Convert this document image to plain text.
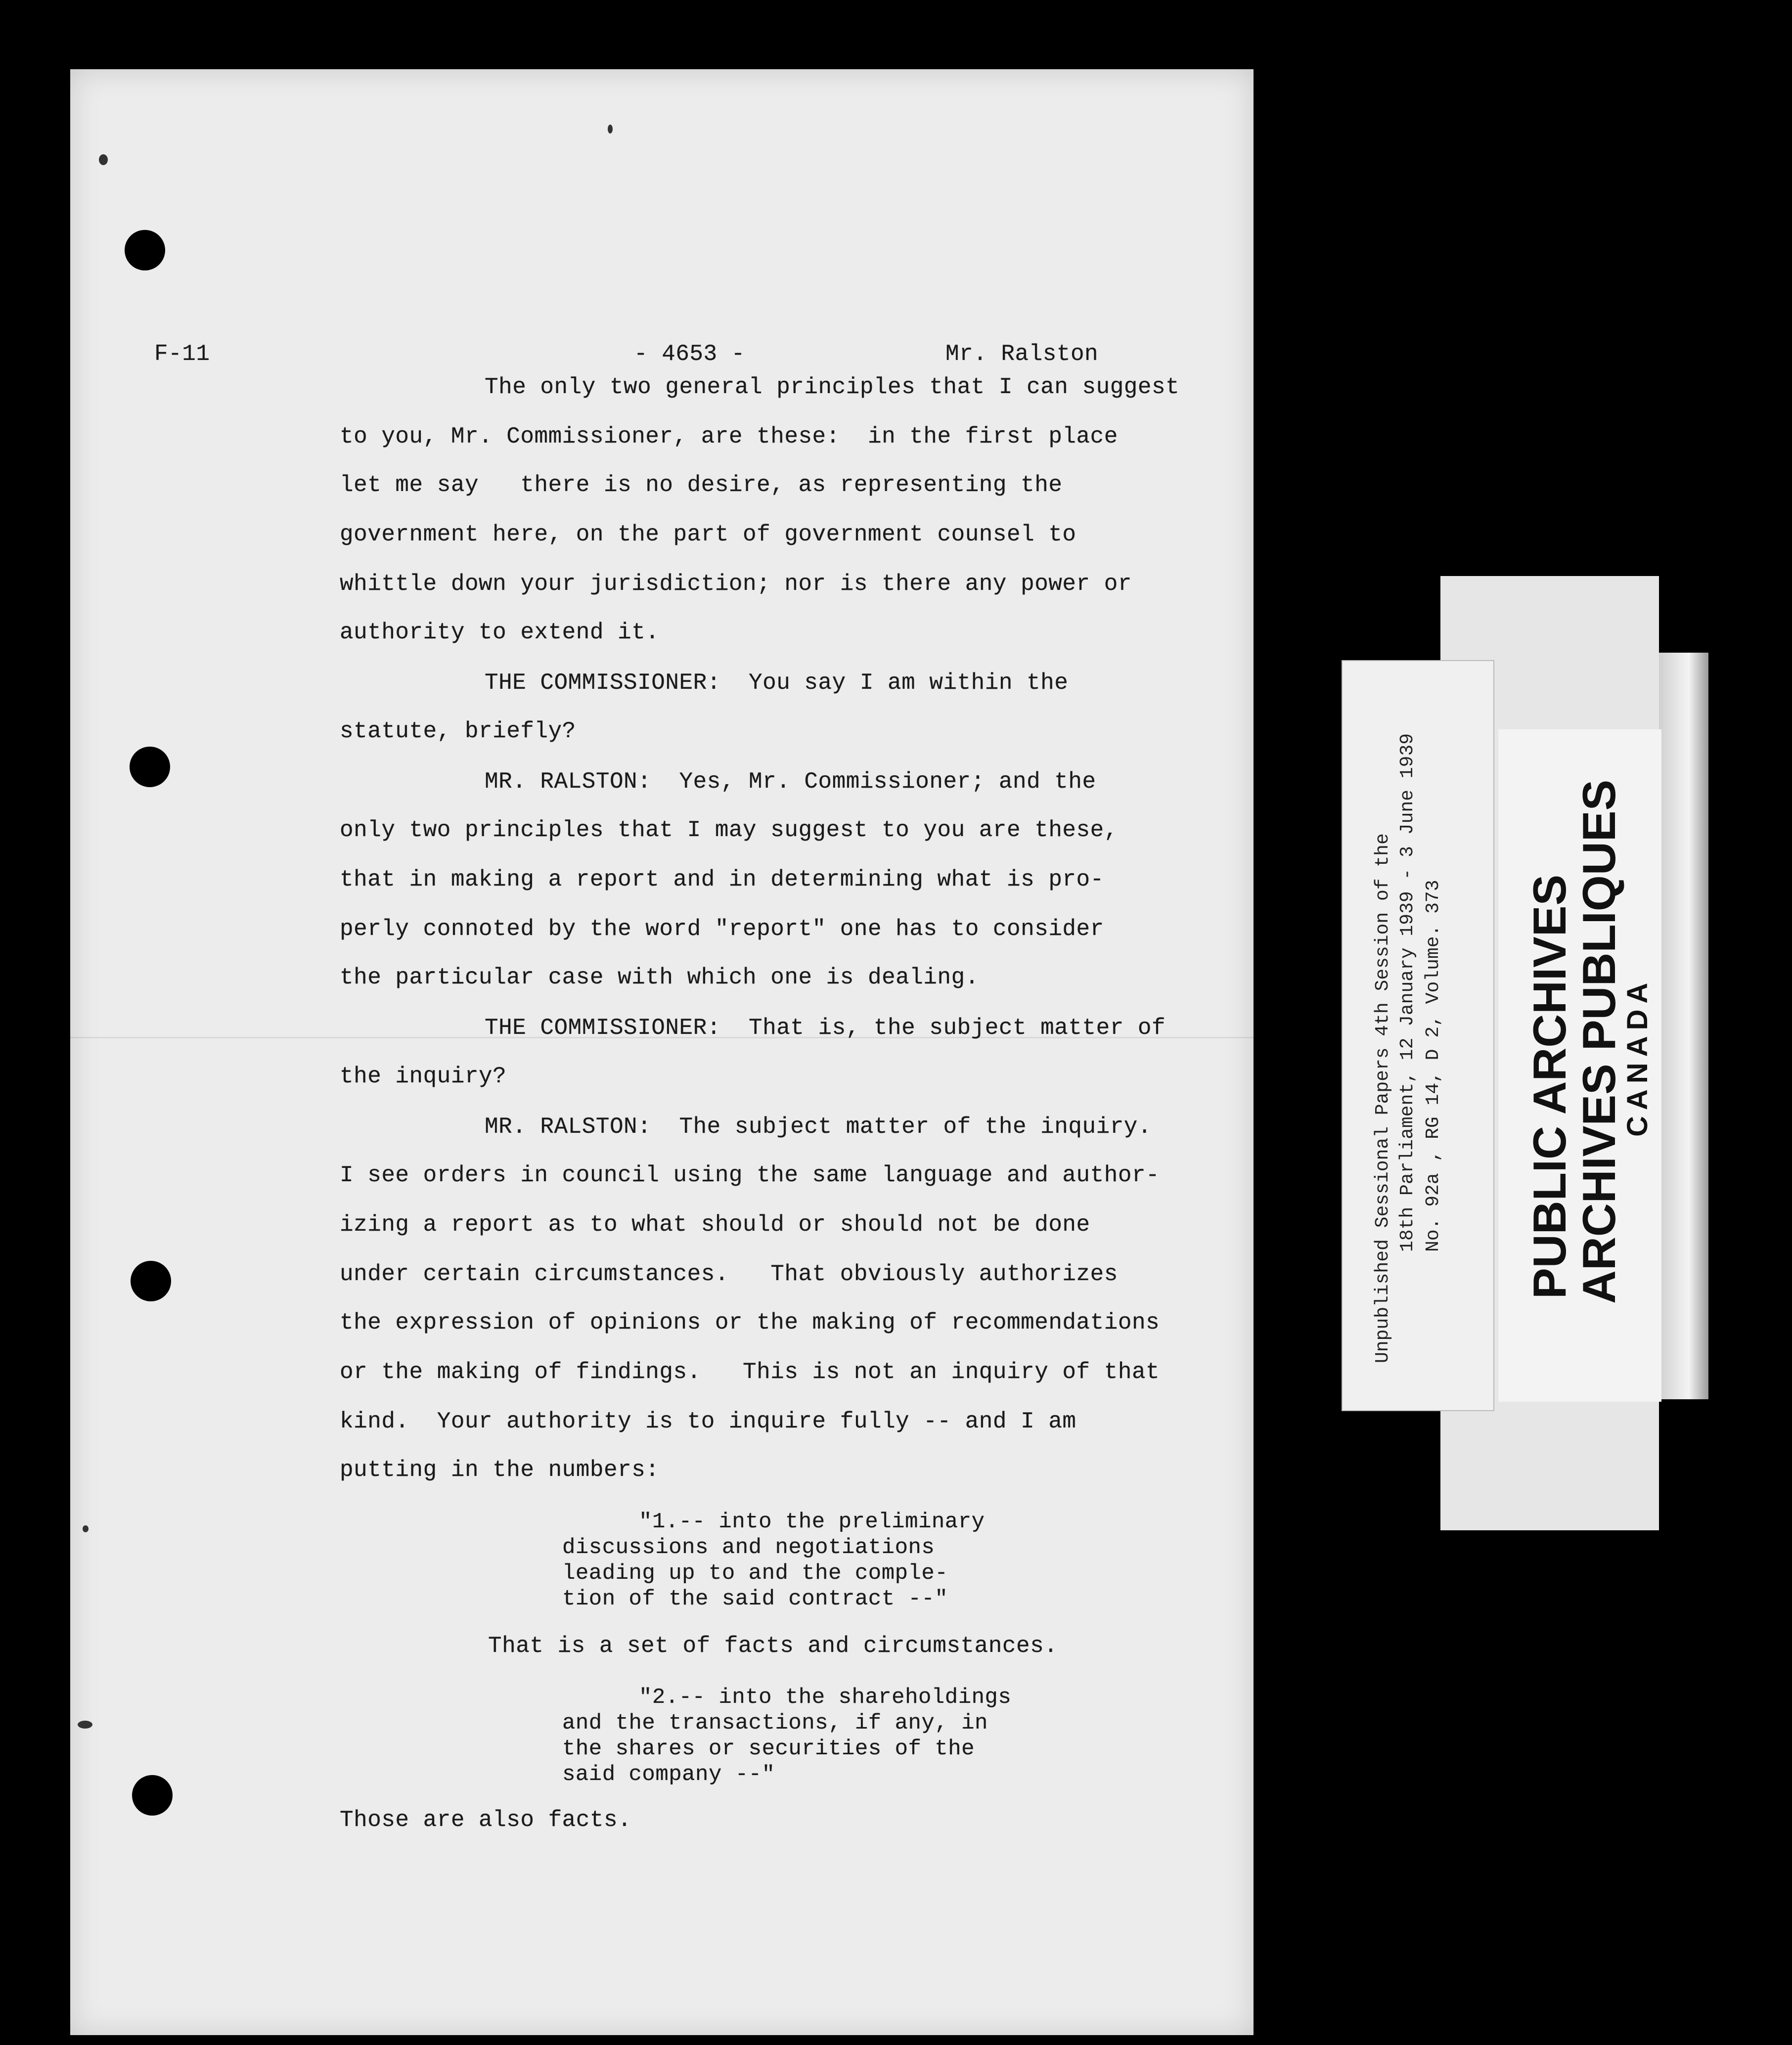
F-11	- 4653 -	Mr. Ralston
The only two general principles that I can suggest
to you, Mr. Commissioner, are these:  in the first place
let me say   there is no desire, as representing the
government here, on the part of government counsel to
whittle down your jurisdiction; nor is there any power or
authority to extend it.
THE COMMISSIONER:  You say I am within the
statute, briefly?
MR. RALSTON:  Yes, Mr. Commissioner; and the
only two principles that I may suggest to you are these,
that in making a report and in determining what is pro-
perly connoted by the word "report" one has to consider
the particular case with which one is dealing.
THE COMMISSIONER:  That is, the subject matter of
the inquiry?
MR. RALSTON:  The subject matter of the inquiry.
I see orders in council using the same language and author-
izing a report as to what should or should not be done
under certain circumstances.   That obviously authorizes
the expression of opinions or the making of recommendations
or the making of findings.   This is not an inquiry of that
kind.  Your authority is to inquire fully -- and I am
putting in the numbers:
"1.-- into the preliminary
discussions and negotiations
leading up to and the comple-
tion of the said contract --"
That is a set of facts and circumstances.
"2.-- into the shareholdings
and the transactions, if any, in
the shares or securities of the
said company --"
Those are also facts.
PUBLIC ARCHIVES
ARCHIVES PUBLIQUES
CANADA
Unpublished Sessional Papers 4th Session of the 18th Parliament, 12 January 1939 - 3 June 1939 No. 92a , RG 14, D 2, Volume. 373
